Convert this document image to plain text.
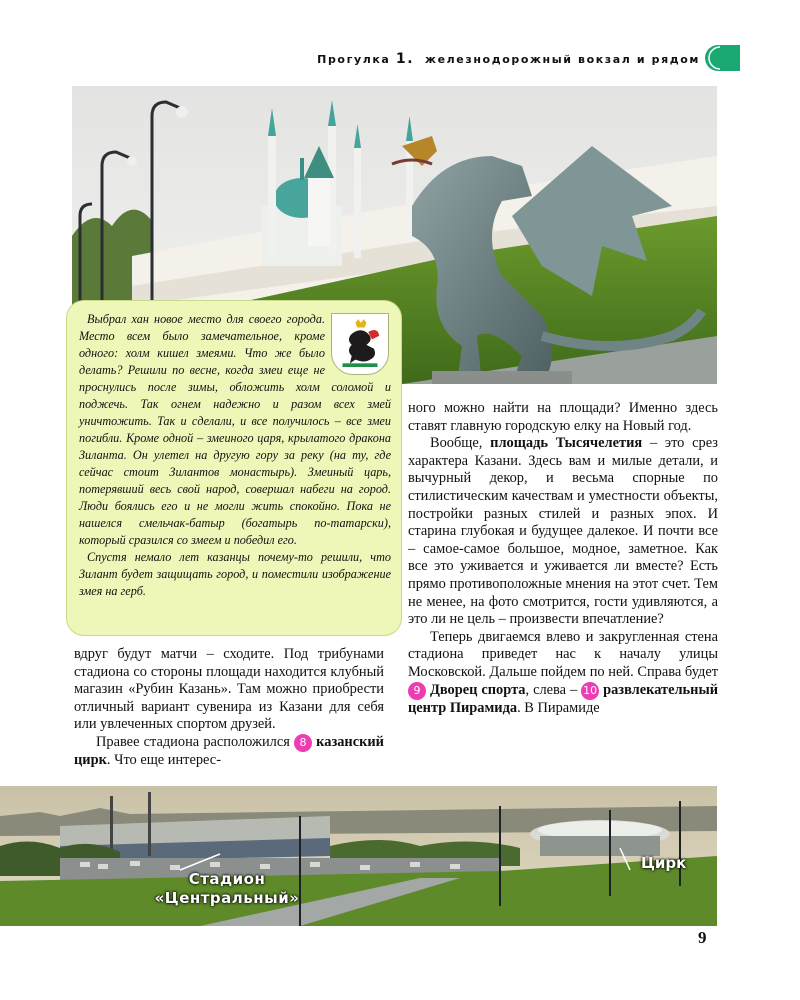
Прогулка 1. железнодорожный вокзал и рядом

Выбрал хан новое место для своего города. Место всем было замечательное, кроме одного: холм кишел змеями. Что же было делать? Решили по весне, когда змеи еще не проснулись после зимы, обложить холм соломой и поджечь. Так огнем надежно и разом всех змей уничтожить. Так и сделали, и все получилось – все змеи погибли. Кроме одной – змеиного царя, крылатого дракона Зиланта. Он улетел на другую гору за реку (на ту, где сейчас стоит Зилантов монастырь). Змеиный царь, потерявший весь свой народ, совершал набеги на город. Люди боялись его и не могли жить спокойно. Пока не нашелся смельчак-батыр (богатырь по-татарски), который сразился со змеем и победил его.

Спустя немало лет казанцы почему-то решили, что Зилант будет защищать город, и поместили изображение змея на герб.

ного можно найти на площади? Именно здесь ставят главную городскую елку на Новый год.

Вообще, площадь Тысячелетия – это срез характера Казани. Здесь вам и милые детали, и вычурный декор, и весьма спорные по стилистическим качествам и уместности объекты, постройки разных стилей и разных эпох. И старина глубокая и будущее далекое. И почти все – самое-самое большое, модное, заметное. Как все это уживается и уживается ли вместе? Есть прямо противоположные мнения на этот счет. Тем не менее, на фото смотрится, гости удивляются, а это ли не цель – произвести впечатление?

Теперь двигаемся влево и закругленная стена стадиона приведет нас к началу улицы Московской. Дальше пойдем по ней. Справа будет 9 Дворец спорта, слева – 10 развлекательный центр Пирамида. В Пирамиде

вдруг будут матчи – сходите. Под трибунами стадиона со стороны площади находится клубный магазин «Рубин Казань». Там можно приобрести отличный вариант сувенира из Казани для себя или увлеченных спортом друзей.

Правее стадиона расположился 8 казанский цирк. Что еще интерес-

Стадион
«Центральный»
Цирк
9
